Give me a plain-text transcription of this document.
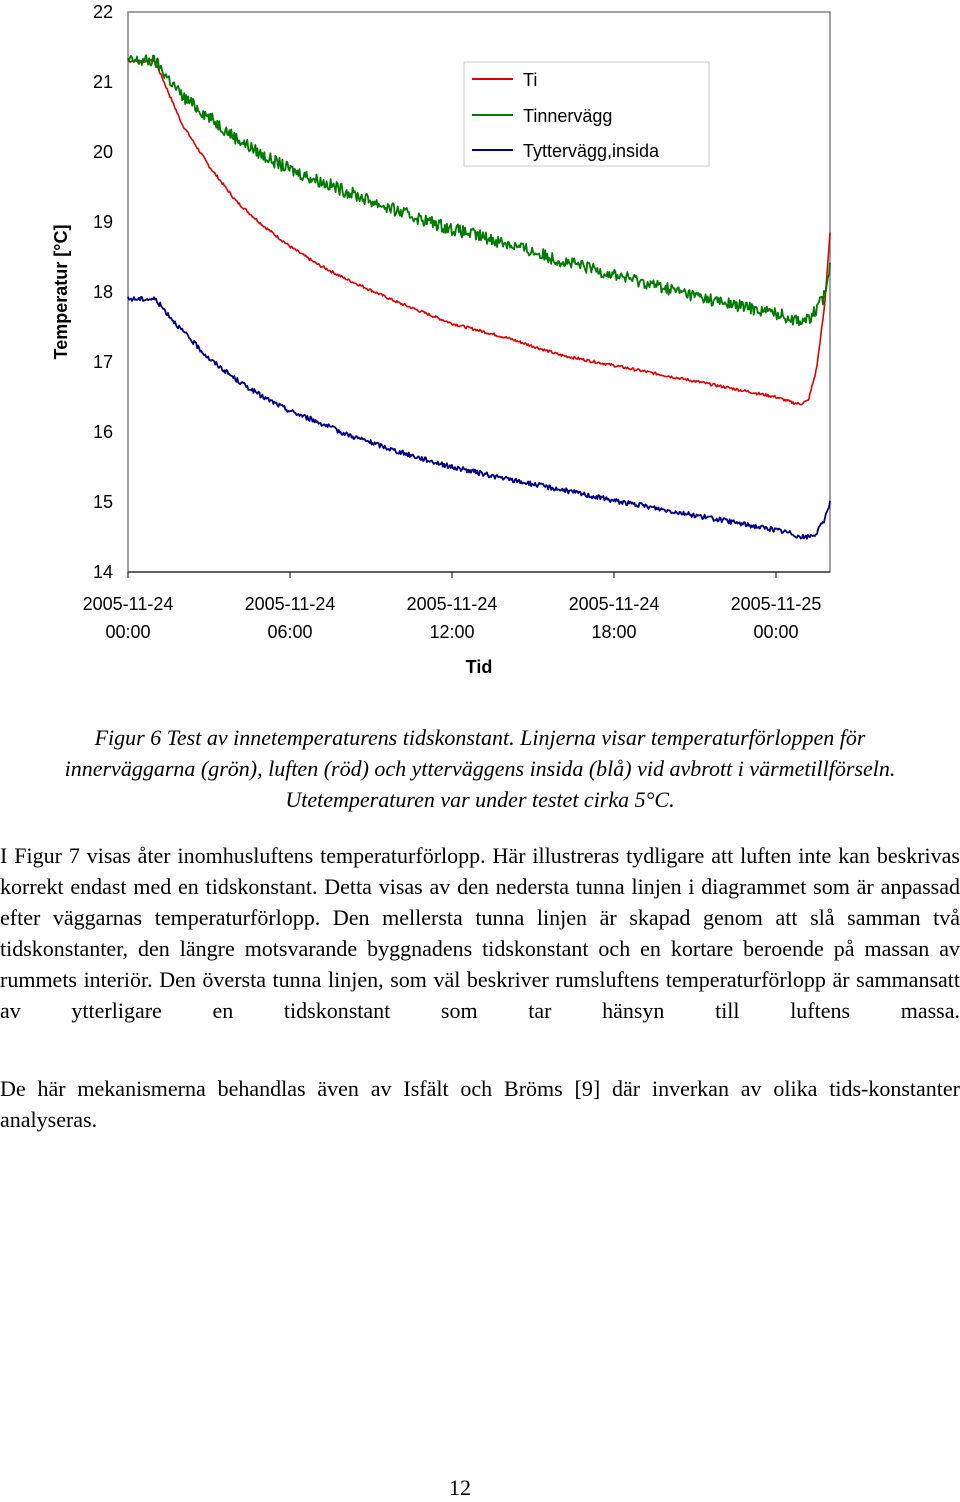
14
15
16
17
18
19
20
21
22
2005-11-24
00:00
2005-11-24
06:00
2005-11-24
12:00
2005-11-24
18:00
2005-11-25
00:00
Temperatur [°C]
Tid
Ti
Tinnervägg
Tyttervägg,insida

Figur 6 Test av innetemperaturens tidskonstant. Linjerna visar temperaturförloppen för

innerväggarna (grön), luften (röd) och ytterväggens insida (blå) vid avbrott i värmetillförseln.

Utetemperaturen var under testet cirka 5°C.

I Figur 7 visas åter inomhusluftens temperaturförlopp. Här illustreras tydligare att luften inte kan beskrivas korrekt endast med en tidskonstant. Detta visas av den nedersta tunna linjen i diagrammet som är anpassad efter väggarnas temperaturförlopp. Den mellersta tunna linjen är skapad genom att slå samman två tidskonstanter, den längre motsvarande byggnadens tidskonstant och en kortare beroende på massan av rummets interiör. Den översta tunna linjen, som väl beskriver rumsluftens temperaturförlopp är sammansatt av ytterligare en tidskonstant som tar hänsyn till luftens massa.

De här mekanismerna behandlas även av Isfält och Bröms [9] där inverkan av olika tids-konstanter analyseras.

12
